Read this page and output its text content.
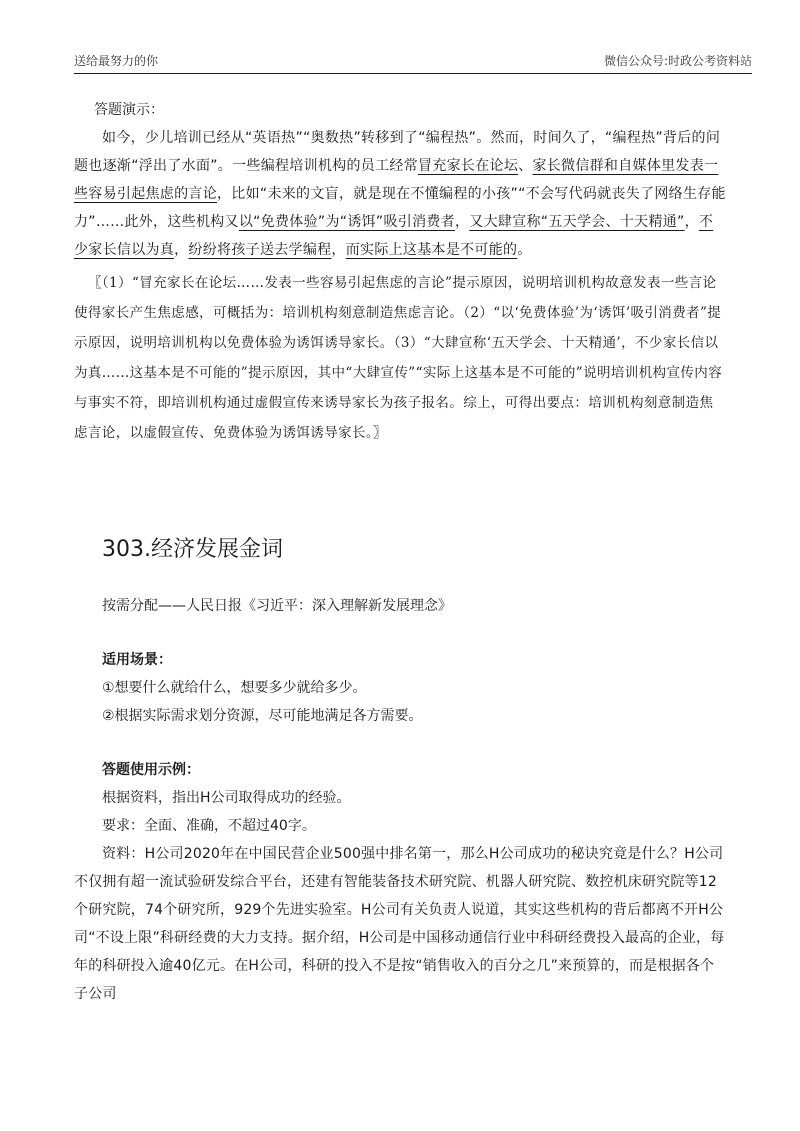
送给最努力的你	微信公众号:时政公考资料站

答题演示：

如今，少儿培训已经从“英语热”“奥数热”转移到了“编程热”。然而，时间久了，“编程热”背后的问题也逐渐“浮出了水面”。一些编程培训机构的员工经常冒充家长在论坛、家长微信群和自媒体里发表一些容易引起焦虑的言论，比如“未来的文盲，就是现在不懂编程的小孩”“不会写代码就丧失了网络生存能力”……此外，这些机构又以“免费体验”为“诱饵”吸引消费者，又大肆宣称“五天学会、十天精通”，不少家长信以为真，纷纷将孩子送去学编程，而实际上这基本是不可能的。

〖（1）“冒充家长在论坛……发表一些容易引起焦虑的言论”提示原因，说明培训机构故意发表一些言论使得家长产生焦虑感，可概括为：培训机构刻意制造焦虑言论。（2）“以‘免费体验’为‘诱饵’吸引消费者”提示原因，说明培训机构以免费体验为诱饵诱导家长。（3）“大肆宣称‘五天学会、十天精通’，不少家长信以为真……这基本是不可能的”提示原因，其中“大肆宣传”“实际上这基本是不可能的”说明培训机构宣传内容与事实不符，即培训机构通过虚假宣传来诱导家长为孩子报名。综上，可得出要点：培训机构刻意制造焦虑言论，以虚假宣传、免费体验为诱饵诱导家长。〗

303.经济发展金词

按需分配——人民日报《习近平：深入理解新发展理念》

适用场景：

①想要什么就给什么，想要多少就给多少。

②根据实际需求划分资源，尽可能地满足各方需要。

答题使用示例：

根据资料，指出H公司取得成功的经验。

要求：全面、准确，不超过40字。

资料：H公司2020年在中国民营企业500强中排名第一，那么H公司成功的秘诀究竟是什么？H公司不仅拥有超一流试验研发综合平台，还建有智能装备技术研究院、机器人研究院、数控机床研究院等12个研究院，74个研究所，929个先进实验室。H公司有关负责人说道，其实这些机构的背后都离不开H公司“不设上限”科研经费的大力支持。据介绍，H公司是中国移动通信行业中科研经费投入最高的企业，每年的科研投入逾40亿元。在H公司，科研的投入不是按“销售收入的百分之几”来预算的，而是根据各个子公司
